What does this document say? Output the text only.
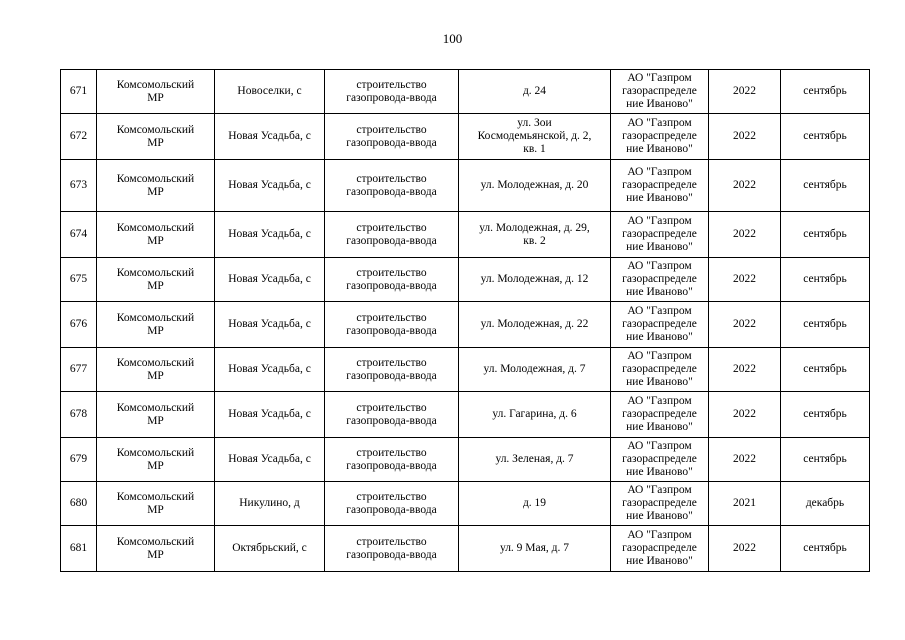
100
671	Комсомольский
МР	Новоселки, с	строительство
газопровода-ввода	д. 24	АО "Газпром
газораспределе
ние Иваново"	2022	сентябрь
672	Комсомольский
МР	Новая Усадьба, с	строительство
газопровода-ввода	ул. Зои
Космодемьянской, д. 2,
кв. 1	АО "Газпром
газораспределе
ние Иваново"	2022	сентябрь
673	Комсомольский
МР	Новая Усадьба, с	строительство
газопровода-ввода	ул. Молодежная, д. 20	АО "Газпром
газораспределе
ние Иваново"	2022	сентябрь
674	Комсомольский
МР	Новая Усадьба, с	строительство
газопровода-ввода	ул. Молодежная, д. 29,
кв. 2	АО "Газпром
газораспределе
ние Иваново"	2022	сентябрь
675	Комсомольский
МР	Новая Усадьба, с	строительство
газопровода-ввода	ул. Молодежная, д. 12	АО "Газпром
газораспределе
ние Иваново"	2022	сентябрь
676	Комсомольский
МР	Новая Усадьба, с	строительство
газопровода-ввода	ул. Молодежная, д. 22	АО "Газпром
газораспределе
ние Иваново"	2022	сентябрь
677	Комсомольский
МР	Новая Усадьба, с	строительство
газопровода-ввода	ул. Молодежная, д. 7	АО "Газпром
газораспределе
ние Иваново"	2022	сентябрь
678	Комсомольский
МР	Новая Усадьба, с	строительство
газопровода-ввода	ул. Гагарина, д. 6	АО "Газпром
газораспределе
ние Иваново"	2022	сентябрь
679	Комсомольский
МР	Новая Усадьба, с	строительство
газопровода-ввода	ул. Зеленая, д. 7	АО "Газпром
газораспределе
ние Иваново"	2022	сентябрь
680	Комсомольский
МР	Никулино, д	строительство
газопровода-ввода	д. 19	АО "Газпром
газораспределе
ние Иваново"	2021	декабрь
681	Комсомольский
МР	Октябрьский, с	строительство
газопровода-ввода	ул. 9 Мая, д. 7	АО "Газпром
газораспределе
ние Иваново"	2022	сентябрь
